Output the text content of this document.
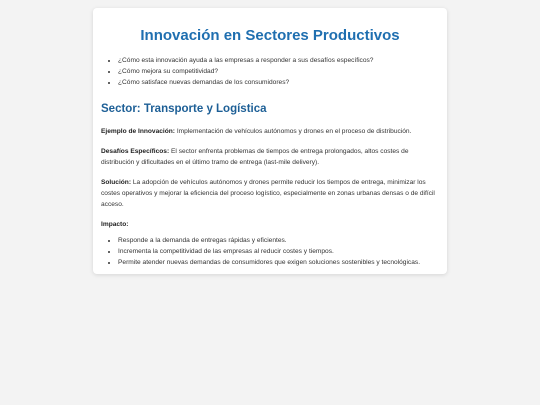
Innovación en Sectores Productivos
• ¿Cómo esta innovación ayuda a las empresas a responder a sus desafíos específicos?
• ¿Cómo mejora su competitividad?
• ¿Cómo satisface nuevas demandas de los consumidores?
Sector: Transporte y Logística

Ejemplo de Innovación: Implementación de vehículos autónomos y drones en el proceso de distribución.

Desafíos Específicos: El sector enfrenta problemas de tiempos de entrega prolongados, altos costes de distribución y dificultades en el último tramo de entrega (last-mile delivery).

Solución: La adopción de vehículos autónomos y drones permite reducir los tiempos de entrega, minimizar los costes operativos y mejorar la eficiencia del proceso logístico, especialmente en zonas urbanas densas o de difícil acceso.

Impacto:

• Responde a la demanda de entregas rápidas y eficientes.
• Incrementa la competitividad de las empresas al reducir costes y tiempos.
• Permite atender nuevas demandas de consumidores que exigen soluciones sostenibles y tecnológicas.
